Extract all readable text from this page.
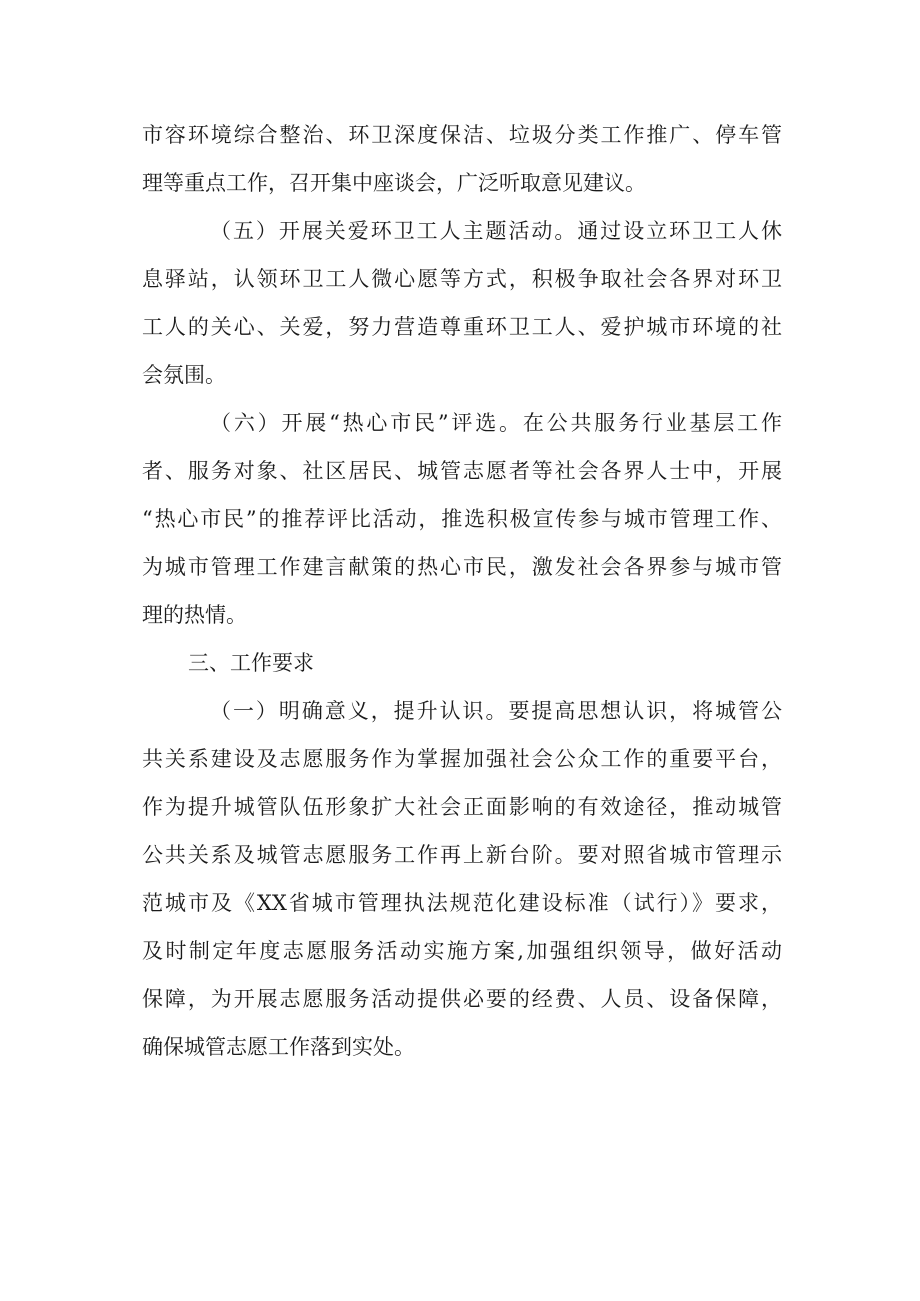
市容环境综合整治、环卫深度保洁、垃圾分类工作推广、停车管
理等重点工作，召开集中座谈会，广泛听取意见建议。
（五）开展关爱环卫工人主题活动。通过设立环卫工人休
息驿站，认领环卫工人微心愿等方式，积极争取社会各界对环卫
工人的关心、关爱，努力营造尊重环卫工人、爱护城市环境的社
会氛围。
（六）开展“热心市民”评选。在公共服务行业基层工作
者、服务对象、社区居民、城管志愿者等社会各界人士中，开展
“热心市民”的推荐评比活动，推选积极宣传参与城市管理工作、
为城市管理工作建言献策的热心市民，激发社会各界参与城市管
理的热情。
三、工作要求
（一）明确意义，提升认识。要提高思想认识，将城管公
共关系建设及志愿服务作为掌握加强社会公众工作的重要平台，
作为提升城管队伍形象扩大社会正面影响的有效途径，推动城管
公共关系及城管志愿服务工作再上新台阶。要对照省城市管理示
范城市及《XX省城市管理执法规范化建设标准（试行）》要求，
及时制定年度志愿服务活动实施方案,加强组织领导，做好活动
保障，为开展志愿服务活动提供必要的经费、人员、设备保障，
确保城管志愿工作落到实处。
